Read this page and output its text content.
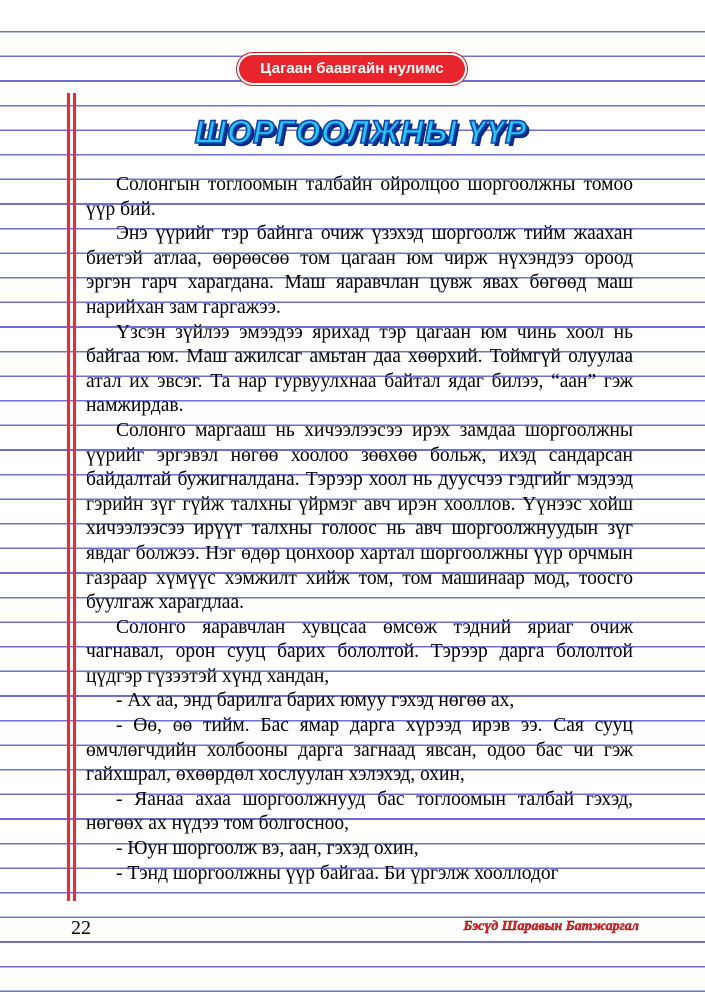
Цагаан баавгайн нулимс
ШОРГООЛЖНЫ ҮҮР

Солонгын тоглоомын талбайн ойролцоо шоргоолжны томоо үүр бий.

Энэ үүрийг тэр байнга очиж үзэхэд шоргоолж тийм жаахан биетэй атлаа, өөрөөсөө том цагаан юм чирж нүхэндээ ороод эргэн гарч харагдана. Маш яаравчлан цувж явах бөгөөд маш нарийхан зам гаргажээ.

Үзсэн зүйлээ эмээдээ ярихад тэр цагаан юм чинь хоол нь байгаа юм. Маш ажилсаг амьтан даа хөөрхий. Тоймгүй олуулаа атал их эвсэг. Та нар гурвуулхнаа байтал ядаг билээ, “аан” гэж намжирдав.

Солонго маргааш нь хичээлээсээ ирэх замдаа шоргоолжны үүрийг эргэвэл нөгөө хоолоо зөөхөө больж, ихэд сандарсан байдалтай бужигналдана. Тэрээр хоол нь дуусчээ гэдгийг мэдээд гэрийн зүг гүйж талхны үйрмэг авч ирэн хооллов. Үүнээс хойш хичээлээсээ ирүүт талхны голоос нь авч шоргоолжнуудын зүг явдаг болжээ. Нэг өдөр цонхоор хартал шоргоолжны үүр орчмын газраар хүмүүс хэмжилт хийж том, том машинаар мод, тоосго буулгаж харагдлаа.

Солонго яаравчлан хувцсаа өмсөж тэдний яриаг очиж чагнавал, орон сууц барих бололтой. Тэрээр дарга бололтой цүдгэр гүзээтэй хүнд хандан,

- Ах аа, энд барилга барих юмуу гэхэд нөгөө ах,

- Өө, өө тийм. Бас ямар дарга хүрээд ирэв ээ. Сая сууц өмчлөгчдийн холбооны дарга загнаад явсан, одоо бас чи гэж гайхшрал, өхөөрдөл хослуулан хэлэхэд, охин,

- Яанаа ахаа шоргоолжнууд бас тоглоомын талбай гэхэд, нөгөөх ах нүдээ том болгосноо,

- Юун шоргоолж вэ, аан, гэхэд охин,

- Тэнд шоргоолжны үүр байгаа. Би үргэлж хооллодог

22	Бэсүд Шаравын Батжаргал
